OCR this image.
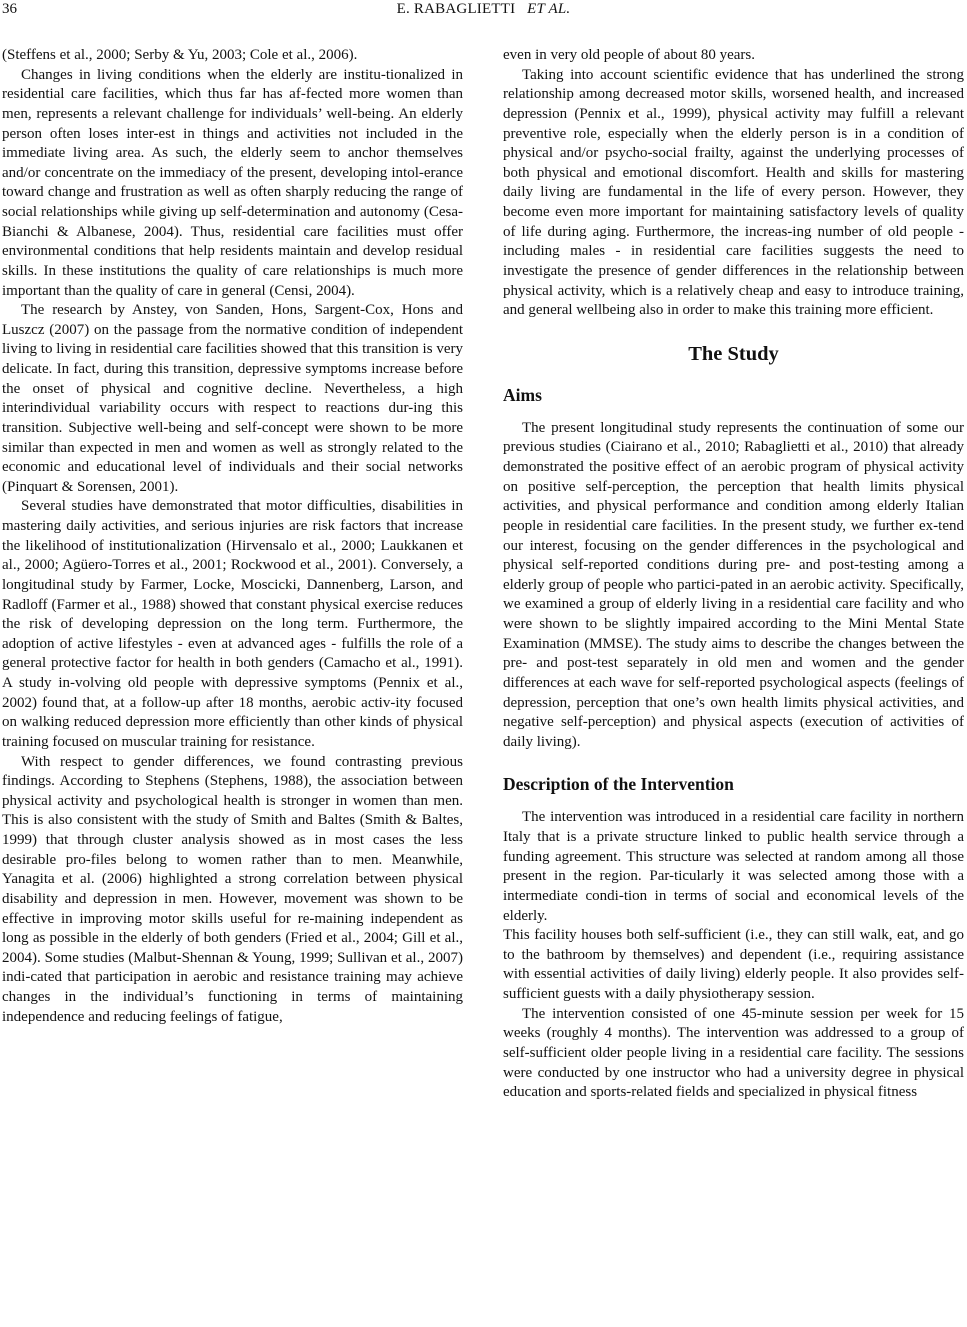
36	E. RABAGLIETTI ET AL.

(Steffens et al., 2000; Serby & Yu, 2003; Cole et al., 2006).

Changes in living conditions when the elderly are institu-tionalized in residential care facilities, which thus far has af-fected more women than men, represents a relevant challenge for individuals’ well-being. An elderly person often loses inter-est in things and activities not included in the immediate living area. As such, the elderly seem to anchor themselves and/or concentrate on the immediacy of the present, developing intol-erance toward change and frustration as well as often sharply reducing the range of social relationships while giving up self-determination and autonomy (Cesa-Bianchi & Albanese, 2004). Thus, residential care facilities must offer environmental conditions that help residents maintain and develop residual skills. In these institutions the quality of care relationships is much more important than the quality of care in general (Censi, 2004).

The research by Anstey, von Sanden, Hons, Sargent-Cox, Hons and Luszcz (2007) on the passage from the normative condition of independent living to living in residential care facilities showed that this transition is very delicate. In fact, during this transition, depressive symptoms increase before the onset of physical and cognitive decline. Nevertheless, a high interindividual variability occurs with respect to reactions dur-ing this transition. Subjective well-being and self-concept were shown to be more similar than expected in men and women as well as strongly related to the economic and educational level of individuals and their social networks (Pinquart & Sorensen, 2001).

Several studies have demonstrated that motor difficulties, disabilities in mastering daily activities, and serious injuries are risk factors that increase the likelihood of institutionalization (Hirvensalo et al., 2000; Laukkanen et al., 2000; Agüero-Torres et al., 2001; Rockwood et al., 2001). Conversely, a longitudinal study by Farmer, Locke, Moscicki, Dannenberg, Larson, and Radloff (Farmer et al., 1988) showed that constant physical exercise reduces the risk of developing depression on the long term. Furthermore, the adoption of active lifestyles - even at advanced ages - fulfills the role of a general protective factor for health in both genders (Camacho et al., 1991). A study in-volving old people with depressive symptoms (Pennix et al., 2002) found that, at a follow-up after 18 months, aerobic activ-ity focused on walking reduced depression more efficiently than other kinds of physical training focused on muscular training for resistance.

With respect to gender differences, we found contrasting previous findings. According to Stephens (Stephens, 1988), the association between physical activity and psychological health is stronger in women than men. This is also consistent with the study of Smith and Baltes (Smith & Baltes, 1999) that through cluster analysis showed as in most cases the less desirable pro-files belong to women rather than to men. Meanwhile, Yanagita et al. (2006) highlighted a strong correlation between physical disability and depression in men. However, movement was shown to be effective in improving motor skills useful for re-maining independent as long as possible in the elderly of both genders (Fried et al., 2004; Gill et al., 2004). Some studies (Malbut-Shennan & Young, 1999; Sullivan et al., 2007) indi-cated that participation in aerobic and resistance training may achieve changes in the individual’s functioning in terms of maintaining independence and reducing feelings of fatigue,

even in very old people of about 80 years.

Taking into account scientific evidence that has underlined the strong relationship among decreased motor skills, worsened health, and increased depression (Pennix et al., 1999), physical activity may fulfill a relevant preventive role, especially when the elderly person is in a condition of physical and/or psycho-social frailty, against the underlying processes of both physical and emotional discomfort. Health and skills for mastering daily living are fundamental in the life of every person. However, they become even more important for maintaining satisfactory levels of quality of life during aging. Furthermore, the increas-ing number of old people - including males - in residential care facilities suggests the need to investigate the presence of gender differences in the relationship between physical activity, which is a relatively cheap and easy to introduce training, and general wellbeing also in order to make this training more efficient.

The Study
Aims

The present longitudinal study represents the continuation of some our previous studies (Ciairano et al., 2010; Rabaglietti et al., 2010) that already demonstrated the positive effect of an aerobic program of physical activity on positive self-perception, the perception that health limits physical activities, and physical performance and condition among elderly Italian people in residential care facilities. In the present study, we further ex-tend our interest, focusing on the gender differences in the psychological and physical self-reported conditions during pre- and post-testing among a elderly group of people who partici-pated in an aerobic activity. Specifically, we examined a group of elderly living in a residential care facility and who were shown to be slightly impaired according to the Mini Mental State Examination (MMSE). The study aims to describe the changes between the pre- and post-test separately in old men and women and the gender differences at each wave for self-reported psychological aspects (feelings of depression, perception that one’s own health limits physical activities, and negative self-perception) and physical aspects (execution of activities of daily living).

Description of the Intervention

The intervention was introduced in a residential care facility in northern Italy that is a private structure linked to public health service through a funding agreement. This structure was selected at random among all those present in the region. Par-ticularly it was selected among those with a intermediate condi-tion in terms of social and economical levels of the elderly.

This facility houses both self-sufficient (i.e., they can still walk, eat, and go to the bathroom by themselves) and dependent (i.e., requiring assistance with essential activities of daily living) elderly people. It also provides self-sufficient guests with a daily physiotherapy session.

The intervention consisted of one 45-minute session per week for 15 weeks (roughly 4 months). The intervention was addressed to a group of self-sufficient older people living in a residential care facility. The sessions were conducted by one instructor who had a university degree in physical education and sports-related fields and specialized in physical fitness
